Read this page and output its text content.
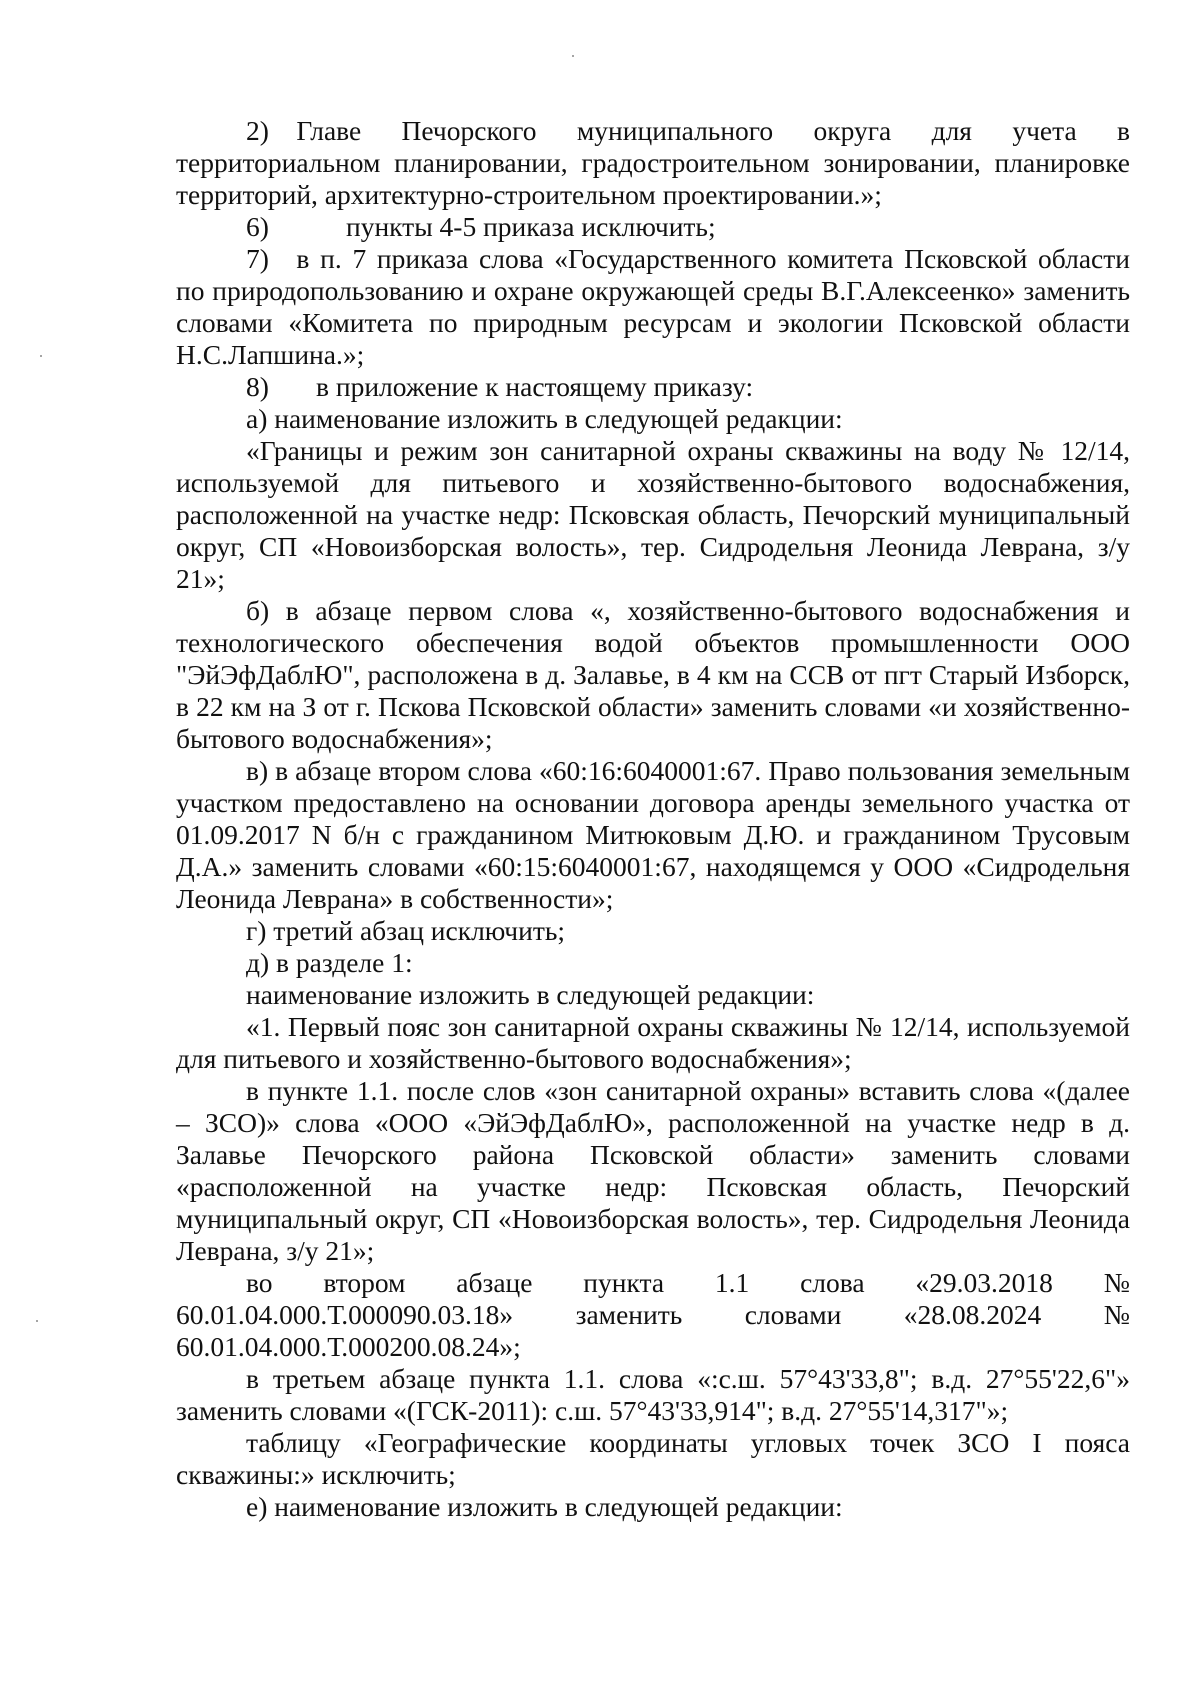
2) Главе Печорского муниципального округа для учета в территориальном планировании, градостроительном зонировании, планировке территорий, архитектурно-строительном проектировании.»;

6)	пункты 4-5 приказа исключить;

7)   в п. 7 приказа слова «Государственного комитета Псковской области по природопользованию и охране окружающей среды В.Г.Алексеенко» заменить словами «Комитета по природным ресурсам и экологии Псковской области Н.С.Лапшина.»;

8)	в приложение к настоящему приказу:

а) наименование изложить в следующей редакции:

«Границы и режим зон санитарной охраны скважины на воду № 12/14, используемой для питьевого и хозяйственно-бытового водоснабжения, расположенной на участке недр: Псковская область, Печорский муниципальный округ, СП «Новоизборская волость», тер. Сидродельня Леонида Леврана, з/у 21»;

б) в абзаце первом слова «, хозяйственно-бытового водоснабжения и технологического обеспечения водой объектов промышленности ООО "ЭйЭфДаблЮ", расположена в д. Залавье, в 4 км на ССВ от пгт Старый Изборск, в 22 км на З от г. Пскова Псковской области» заменить словами «и хозяйственно-бытового водоснабжения»;

в) в абзаце втором слова «60:16:6040001:67. Право пользования земельным участком предоставлено на основании договора аренды земельного участка от 01.09.2017 N б/н с гражданином Митюковым Д.Ю. и гражданином Трусовым Д.А.» заменить словами «60:15:6040001:67, находящемся у ООО «Сидродельня Леонида Леврана» в собственности»;

г) третий абзац исключить;

д) в разделе 1:

наименование изложить в следующей редакции:

«1. Первый пояс зон санитарной охраны скважины № 12/14, используемой для питьевого и хозяйственно-бытового водоснабжения»;

в пункте 1.1. после слов «зон санитарной охраны» вставить слова «(далее – ЗСО)» слова «ООО «ЭйЭфДаблЮ», расположенной на участке недр в д. Залавье Печорского района Псковской области» заменить словами «расположенной на участке недр: Псковская область, Печорский муниципальный округ, СП «Новоизборская волость», тер. Сидродельня Леонида Леврана, з/у 21»;

во втором абзаце пункта 1.1 слова «29.03.2018 № 60.01.04.000.Т.000090.03.18» заменить словами «28.08.2024 № 60.01.04.000.Т.000200.08.24»;

в третьем абзаце пункта 1.1. слова «:с.ш. 57°43'33,8"; в.д. 27°55'22,6"» заменить словами «(ГСК-2011): с.ш. 57°43'33,914"; в.д. 27°55'14,317"»;

таблицу «Географические координаты угловых точек ЗСО I пояса скважины:» исключить;

е) наименование изложить в следующей редакции:
